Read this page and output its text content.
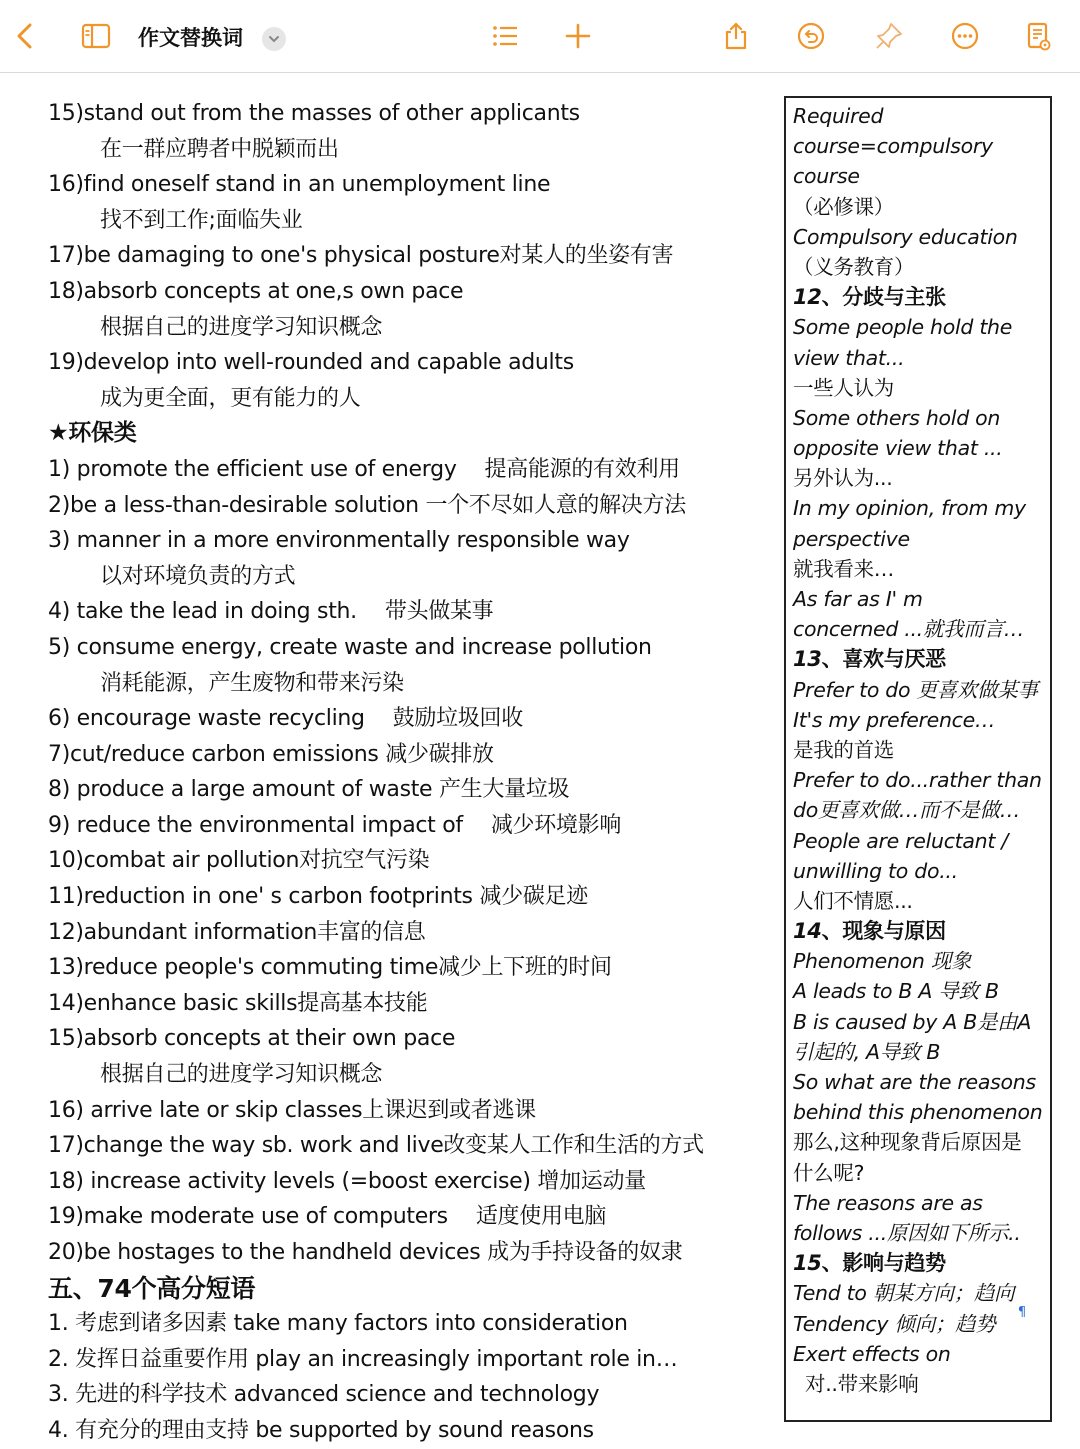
作文替换词
15)stand out from the masses of other applicants
在一群应聘者中脱颖而出
16)find oneself stand in an unemployment line
找不到工作;面临失业
17)be damaging to one's physical posture对某人的坐姿有害
18)absorb concepts at one,s own pace
根据自己的进度学习知识概念
19)develop into well-rounded and capable adults
成为更全面，更有能力的人
★环保类
1) promote the efficient use of energy 提高能源的有效利用
2)be a less-than-desirable solution 一个不尽如人意的解决方法
3) manner in a more environmentally responsible way
以对环境负责的方式
4) take the lead in doing sth. 带头做某事
5) consume energy, create waste and increase pollution
消耗能源，产生废物和带来污染
6) encourage waste recycling 鼓励垃圾回收
7)cut/reduce carbon emissions 减少碳排放
8) produce a large amount of waste 产生大量垃圾
9) reduce the environmental impact of 减少环境影响
10)combat air pollution对抗空气污染
11)reduction in one' s carbon footprints 减少碳足迹
12)abundant information丰富的信息
13)reduce people's commuting time减少上下班的时间
14)enhance basic skills提高基本技能
15)absorb concepts at their own pace
根据自己的进度学习知识概念
16) arrive late or skip classes上课迟到或者逃课
17)change the way sb. work and live改变某人工作和生活的方式
18) increase activity levels (=boost exercise) 增加运动量
19)make moderate use of computers 适度使用电脑
20)be hostages to the handheld devices 成为手持设备的奴隶
五、74个高分短语
1. 考虑到诸多因素 take many factors into consideration
2. 发挥日益重要作用 play an increasingly important role in…
3. 先进的科学技术 advanced science and technology
4. 有充分的理由支持 be supported by sound reasons
Required
course=compulsory
course
（必修课）
Compulsory education
（义务教育）
12、分歧与主张
Some people hold the
view that...
一些人认为
Some others hold on
opposite view that ...
另外认为...
In my opinion, from my
perspective
就我看来…
As far as I' m
concerned ...就我而言…
13、喜欢与厌恶
Prefer to do 更喜欢做某事
It's my preference…
是我的首选
Prefer to do...rather than
do更喜欢做…而不是做…
People are reluctant /
unwilling to do...
人们不情愿...
14、现象与原因
Phenomenon 现象
A leads to B A 导致 B
B is caused by A B是由A
引起的, A导致 B
So what are the reasons
behind this phenomenon
那么,这种现象背后原因是
什么呢?
The reasons are as
follows ...原因如下所示..
15、影响与趋势
Tend to 朝某方向；趋向
Tendency 倾向；趋势
Exert effects on
对..带来影响
¶
